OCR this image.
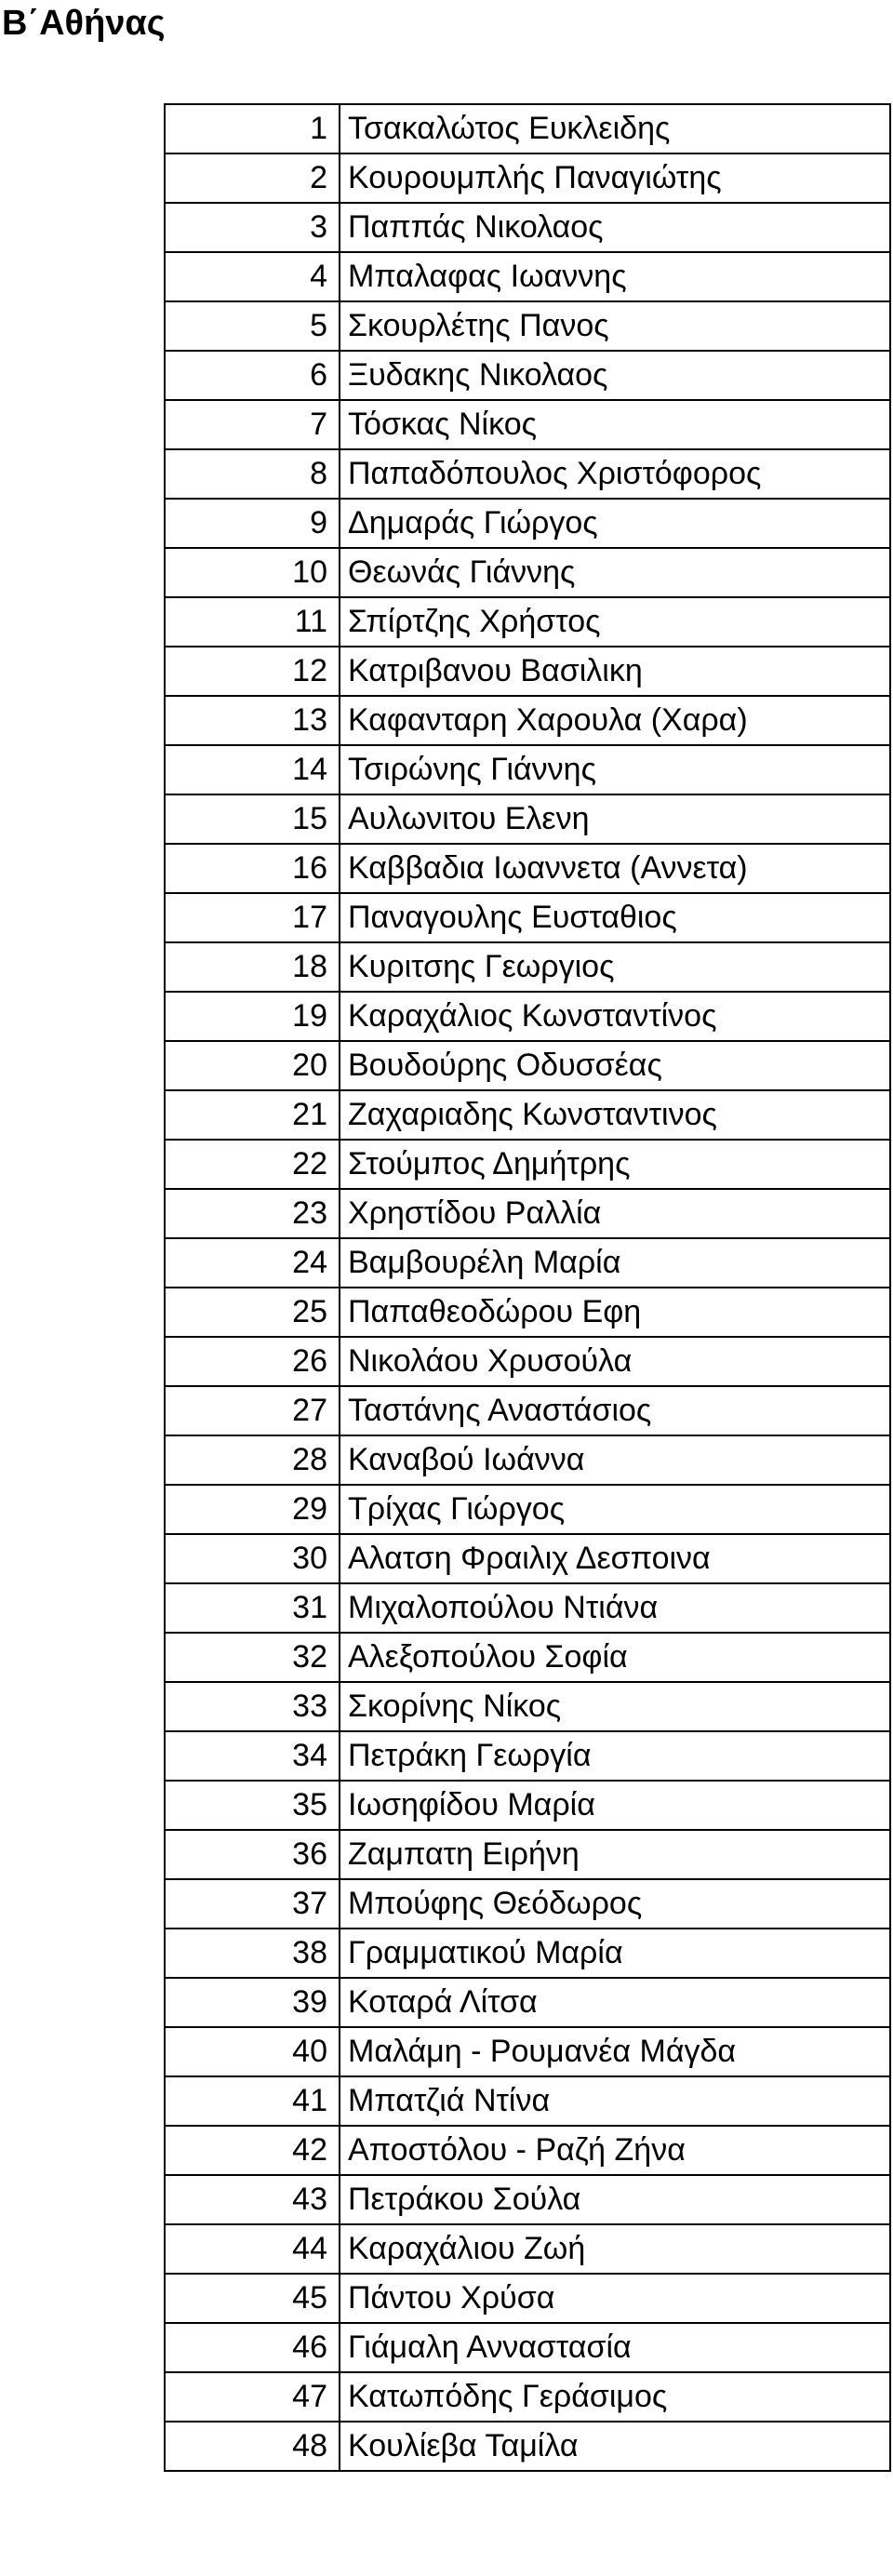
Β΄Αθήνας
1	Τσακαλώτος Ευκλειδης
2	Κουρουμπλής Παναγιώτης
3	Παππάς Νικολαος
4	Μπαλαφας Ιωαννης
5	Σκουρλέτης Πανος
6	Ξυδακης Νικολαος
7	Τόσκας Νίκος
8	Παπαδόπουλος Χριστόφορος
9	Δημαράς Γιώργος
10	Θεωνάς Γιάννης
11	Σπίρτζης Χρήστος
12	Κατριβανου Βασιλικη
13	Καφανταρη Χαρουλα (Χαρα)
14	Τσιρώνης Γιάννης
15	Αυλωνιτου Ελενη
16	Καββαδια Ιωαννετα (Αννετα)
17	Παναγουλης Ευσταθιος
18	Κυριτσης Γεωργιος
19	Καραχάλιος Κωνσταντίνος
20	Βουδούρης Οδυσσέας
21	Ζαχαριαδης Κωνσταντινος
22	Στούμπος Δημήτρης
23	Χρηστίδου Ραλλία
24	Βαμβουρέλη Μαρία
25	Παπαθεοδώρου Εφη
26	Νικολάου Χρυσούλα
27	Ταστάνης Αναστάσιος
28	Καναβού Ιωάννα
29	Τρίχας Γιώργος
30	Αλατση Φραιλιχ Δεσποινα
31	Μιχαλοπούλου Ντιάνα
32	Αλεξοπούλου Σοφία
33	Σκορίνης Νίκος
34	Πετράκη Γεωργία
35	Ιωσηφίδου Μαρία
36	Ζαμπατη Ειρήνη
37	Μπούφης Θεόδωρος
38	Γραμματικού Μαρία
39	Κοταρά Λίτσα
40	Μαλάμη - Ρουμανέα Μάγδα
41	Μπατζιά Ντίνα
42	Αποστόλου - Ραζή Ζήνα
43	Πετράκου Σούλα
44	Καραχάλιου Ζωή
45	Πάντου Χρύσα
46	Γιάμαλη Ανναστασία
47	Κατωπόδης Γεράσιμος
48	Κουλίεβα Ταμίλα
